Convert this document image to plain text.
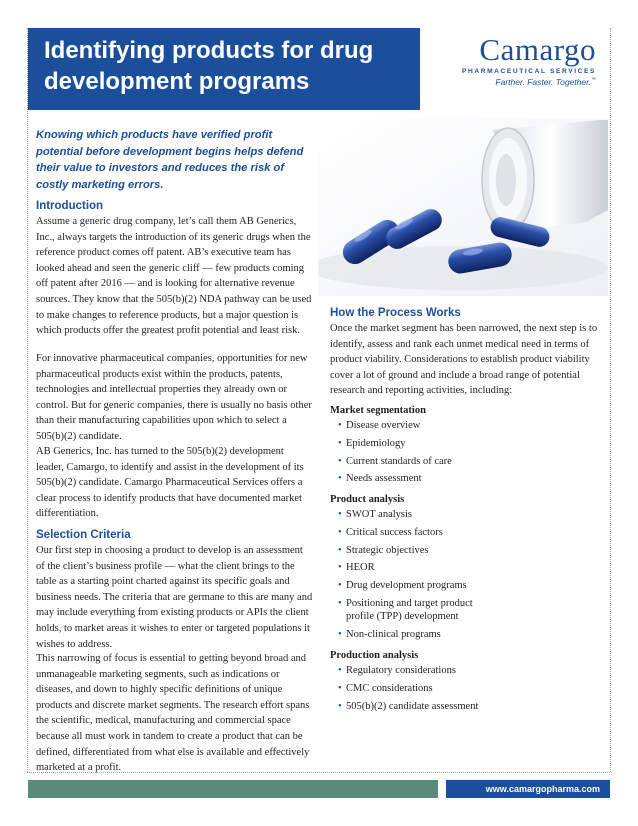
Identifying products for drug development programs
Camargo
PHARMACEUTICAL SERVICES
Farther. Faster. Together.™
Knowing which products have verified profit potential before development begins helps defend their value to investors and reduces the risk of costly marketing errors.
Introduction

Assume a generic drug company, let’s call them AB Generics, Inc., always targets the introduction of its generic drugs when the reference product comes off patent. AB’s executive team has looked ahead and seen the generic cliff — few products coming off patent after 2016 — and is looking for alternative revenue sources. They know that the 505(b)(2) NDA pathway can be used to make changes to reference products, but a major question is which products offer the greatest profit potential and least risk.

For innovative pharmaceutical companies, opportunities for new pharmaceutical products exist within the products, patents, technologies and intellectual properties they already own or control. But for generic companies, there is usually no basis other than their manufacturing capabilities upon which to select a 505(b)(2) candidate.

AB Generics, Inc. has turned to the 505(b)(2) development leader, Camargo, to identify and assist in the development of its 505(b)(2) candidate. Camargo Pharmaceutical Services offers a clear process to identify products that have documented market differentiation.

Selection Criteria

Our first step in choosing a product to develop is an assessment of the client’s business profile — what the client brings to the table as a starting point charted against its specific goals and business needs. The criteria that are germane to this are many and may include everything from existing products or APIs the client holds, to market areas it wishes to enter or targeted populations it wishes to address.

This narrowing of focus is essential to getting beyond broad and unmanageable marketing segments, such as indications or diseases, and down to highly specific definitions of unique products and discrete market segments. The research effort spans the scientific, medical, manufacturing and commercial space because all must work in tandem to create a product that can be defined, differentiated from what else is available and effectively marketed at a profit.

How the Process Works

Once the market segment has been narrowed, the next step is to identify, assess and rank each unmet medical need in terms of product viability. Considerations to establish product viability cover a lot of ground and include a broad range of potential research and reporting activities, including:

Market segmentation
• Disease overview
• Epidemiology
• Current standards of care
• Needs assessment
Product analysis
• SWOT analysis
• Critical success factors
• Strategic objectives
• HEOR
• Drug development programs
• Positioning and target product profile (TPP) development
• Non-clinical programs
Production analysis
• Regulatory considerations
• CMC considerations
• 505(b)(2) candidate assessment
www.camargopharma.com
